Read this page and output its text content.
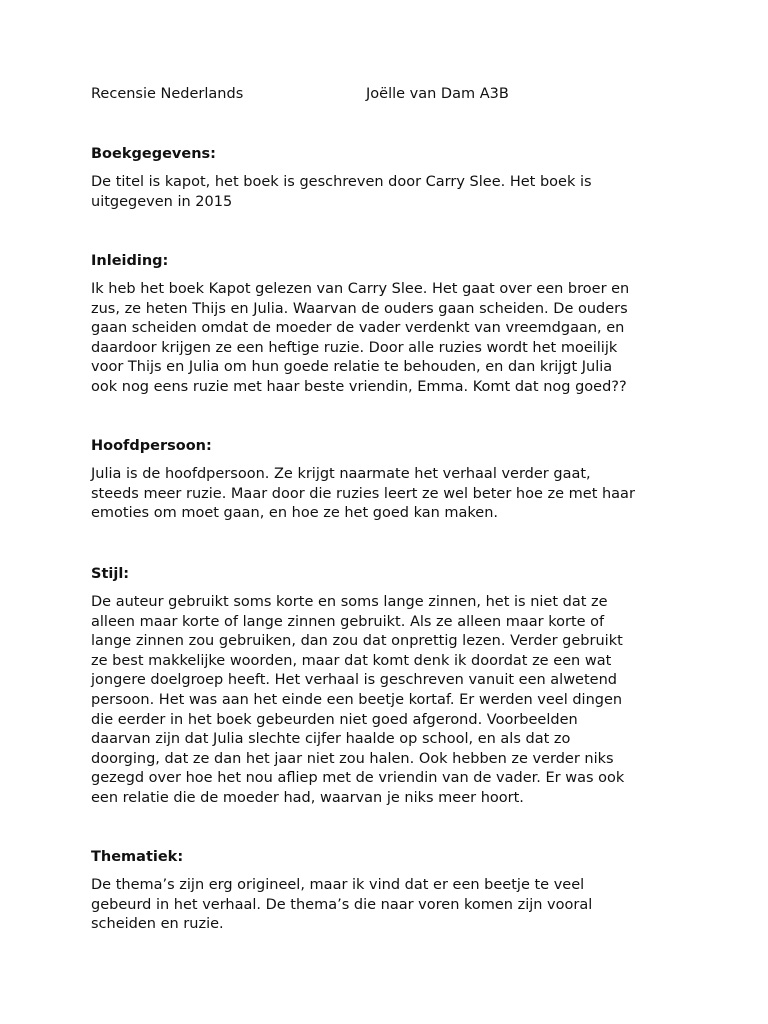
Recensie Nederlands	Joëlle van Dam A3B
Boekgegevens:

De titel is kapot, het boek is geschreven door Carry Slee. Het boek is
uitgegeven in 2015

Inleiding:

Ik heb het boek Kapot gelezen van Carry Slee. Het gaat over een broer en
zus, ze heten Thijs en Julia. Waarvan de ouders gaan scheiden. De ouders
gaan scheiden omdat de moeder de vader verdenkt van vreemdgaan, en
daardoor krijgen ze een heftige ruzie. Door alle ruzies wordt het moeilijk
voor Thijs en Julia om hun goede relatie te behouden, en dan krijgt Julia
ook nog eens ruzie met haar beste vriendin, Emma. Komt dat nog goed??

Hoofdpersoon:

Julia is de hoofdpersoon. Ze krijgt naarmate het verhaal verder gaat,
steeds meer ruzie. Maar door die ruzies leert ze wel beter hoe ze met haar
emoties om moet gaan, en hoe ze het goed kan maken.

Stijl:

De auteur gebruikt soms korte en soms lange zinnen, het is niet dat ze
alleen maar korte of lange zinnen gebruikt. Als ze alleen maar korte of
lange zinnen zou gebruiken, dan zou dat onprettig lezen. Verder gebruikt
ze best makkelijke woorden, maar dat komt denk ik doordat ze een wat
jongere doelgroep heeft. Het verhaal is geschreven vanuit een alwetend
persoon. Het was aan het einde een beetje kortaf. Er werden veel dingen
die eerder in het boek gebeurden niet goed afgerond. Voorbeelden
daarvan zijn dat Julia slechte cijfer haalde op school, en als dat zo
doorging, dat ze dan het jaar niet zou halen. Ook hebben ze verder niks
gezegd over hoe het nou afliep met de vriendin van de vader. Er was ook
een relatie die de moeder had, waarvan je niks meer hoort.

Thematiek:

De thema’s zijn erg origineel, maar ik vind dat er een beetje te veel
gebeurd in het verhaal. De thema’s die naar voren komen zijn vooral
scheiden en ruzie.
